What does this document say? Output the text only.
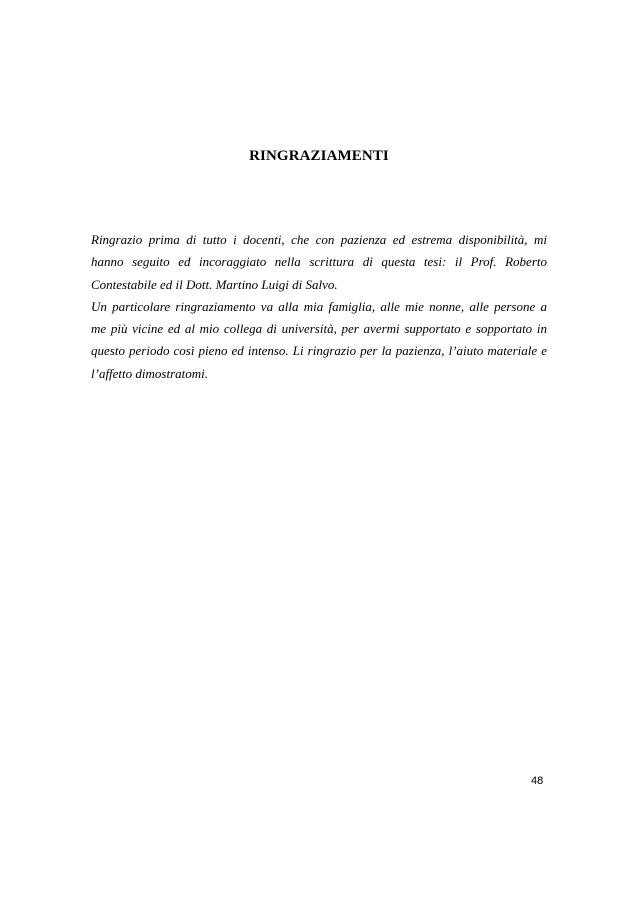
RINGRAZIAMENTI
Ringrazio prima di tutto i docenti, che con pazienza ed estrema disponibilità, mi
hanno seguito ed incoraggiato nella scrittura di questa tesi: il Prof. Roberto
Contestabile ed il Dott. Martino Luigi di Salvo.
Un particolare ringraziamento va alla mia famiglia, alle mie nonne, alle persone a
me più vicine ed al mio collega di università, per avermi supportato e sopportato in
questo periodo così pieno ed intenso. Li ringrazio per la pazienza, l’aiuto materiale e
l’affetto dimostratomi.
48
